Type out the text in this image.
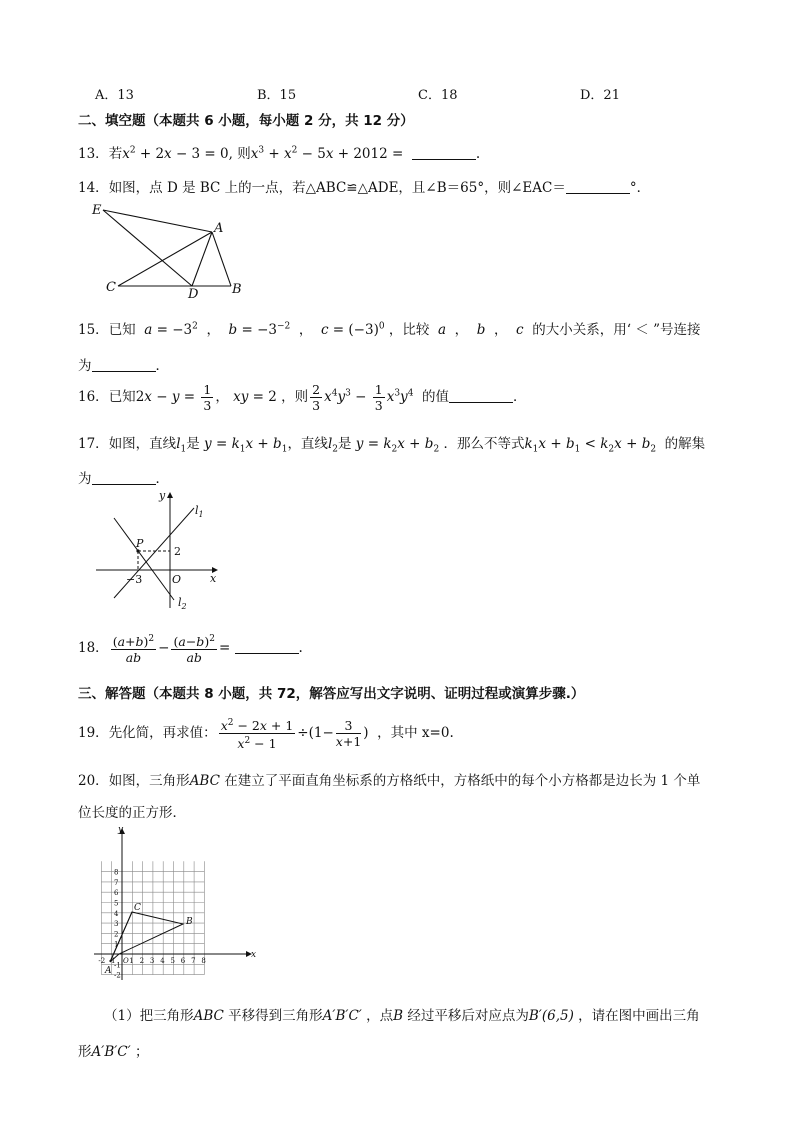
A．13	B．15	C．18	D．21
二、填空题（本题共 6 小题，每小题 2 分，共 12 分）
13．若$x^2 + 2x - 3 = 0$, 则$x^3 + x^2 - 5x + 2012$ =	.
14．如图，点 D 是 BC 上的一点，若△ABC≌△ADE，且∠B＝65°，则∠EAC＝	°．
E
A
C	D	B
15．已知 $a = -3^2$  ，  $b = -3^{-2}$  ，  $c = (-3)^0$ ，比较 a  ，  b  ，  c 的大小关系，用‘ ＜ ”号连接
为	．
16．已知$2x - y = \frac{1}{3}$ ， xy = 2 ，则 $\frac{2}{3} x^4y^3 - \frac{1}{3} x^3y^4$ 的值	．
17．如图，直线$l_1$是 $y = k_1x + b_1$，直线$l_2$是 $y = k_2x + b_2$ ．那么不等式$k_1x + b_1 < k_2x + b_2$ 的解集
为	．
y
x
O
P
2
−3
$l_1$
$l_2$
18． $\frac{(a+b)^2}{ab} - \frac{(a-b)^2}{ab}$ =	.
三、解答题（本题共 8 小题，共 72，解答应写出文字说明、证明过程或演算步骤.）
19．先化简，再求值： $\frac{x^2 - 2x + 1}{x^2 - 1} \div(1- \frac{3}{x+1}$ )  ，其中 x=0.
20．如图，三角形ABC 在建立了平面直角坐标系的方格纸中，方格纸中的每个小方格都是边长为 1 个单
位长度的正方形．
-2 -1 1 2 3 4 5 6 7 8
8
7
6
5
4
3
2
1
-1
-2
x
y
A
B
C
O
（1）把三角形ABC 平移得到三角形A′B′C′ ，点B 经过平移后对应点为B′(6,5) ，请在图中画出三角
形A′B′C′ ；
